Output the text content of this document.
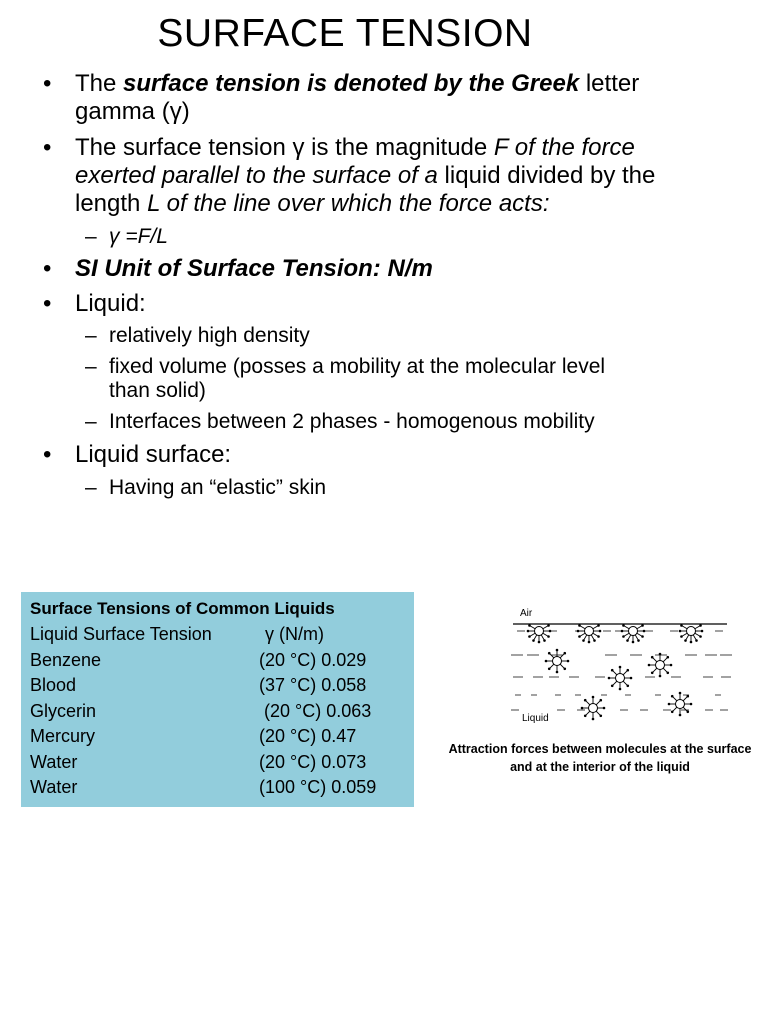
SURFACE TENSION
• The surface tension is denoted by the Greek letter
gamma (γ)
• The surface tension γ is the magnitude F of the force
exerted parallel to the surface of a liquid divided by the
length L of the line over which the force acts:
– γ =F/L
• SI Unit of Surface Tension: N/m
• Liquid:
– relatively high density
– fixed volume (posses a mobility at the molecular level
than solid)
– Interfaces between 2 phases - homogenous mobility
• Liquid surface:
– Having an “elastic” skin
Surface Tensions of Common Liquids
Liquid Surface Tension	γ (N/m)
Benzene	(20 °C) 0.029
Blood	(37 °C) 0.058
Glycerin	(20 °C) 0.063
Mercury	(20 °C) 0.47
Water	(20 °C) 0.073
Water	(100 °C) 0.059
Air
Liquid
Attraction forces between molecules at the surface
and at the interior of the liquid
